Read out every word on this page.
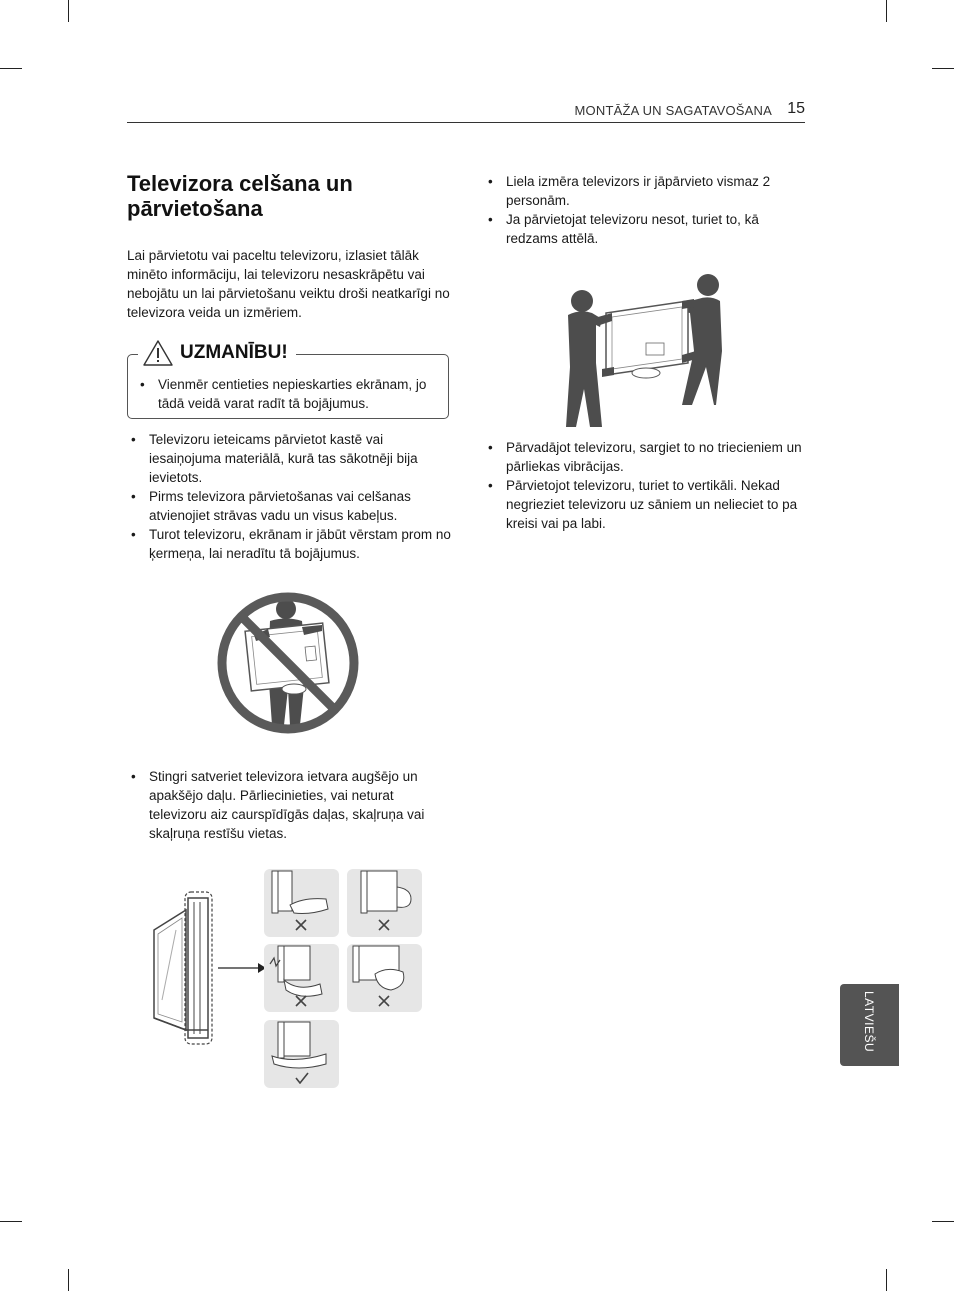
MONTĀŽA UN SAGATAVOŠANA 15
Televizora celšana un pārvietošana

Lai pārvietotu vai paceltu televizoru, izlasiet tālāk minēto informāciju, lai televizoru nesaskrāpētu vai nebojātu un lai pārvietošanu veiktu droši neatkarīgi no televizora veida un izmēriem.

UZMANĪBU!
• Vienmēr centieties nepieskarties ekrānam, jo tādā veidā varat radīt tā bojājumus.
• Televizoru ieteicams pārvietot kastē vai iesaiņojuma materiālā, kurā tas sākotnēji bija ievietots.
• Pirms televizora pārvietošanas vai celšanas atvienojiet strāvas vadu un visus kabeļus.
• Turot televizoru, ekrānam ir jābūt vērstam prom no ķermeņa, lai neradītu tā bojājumus.
• Stingri satveriet televizora ietvara augšējo un apakšējo daļu. Pārliecinieties, vai neturat televizoru aiz caurspīdīgās daļas, skaļruņa vai skaļruņa restīšu vietas.
• Liela izmēra televizors ir jāpārvieto vismaz 2 personām.
• Ja pārvietojat televizoru nesot, turiet to, kā redzams attēlā.
• Pārvadājot televizoru, sargiet to no triecieniem un pārliekas vibrācijas.
• Pārvietojot televizoru, turiet to vertikāli. Nekad negrieziet televizoru uz sāniem un nelieciet to pa kreisi vai pa labi.
LATVIEŠU
